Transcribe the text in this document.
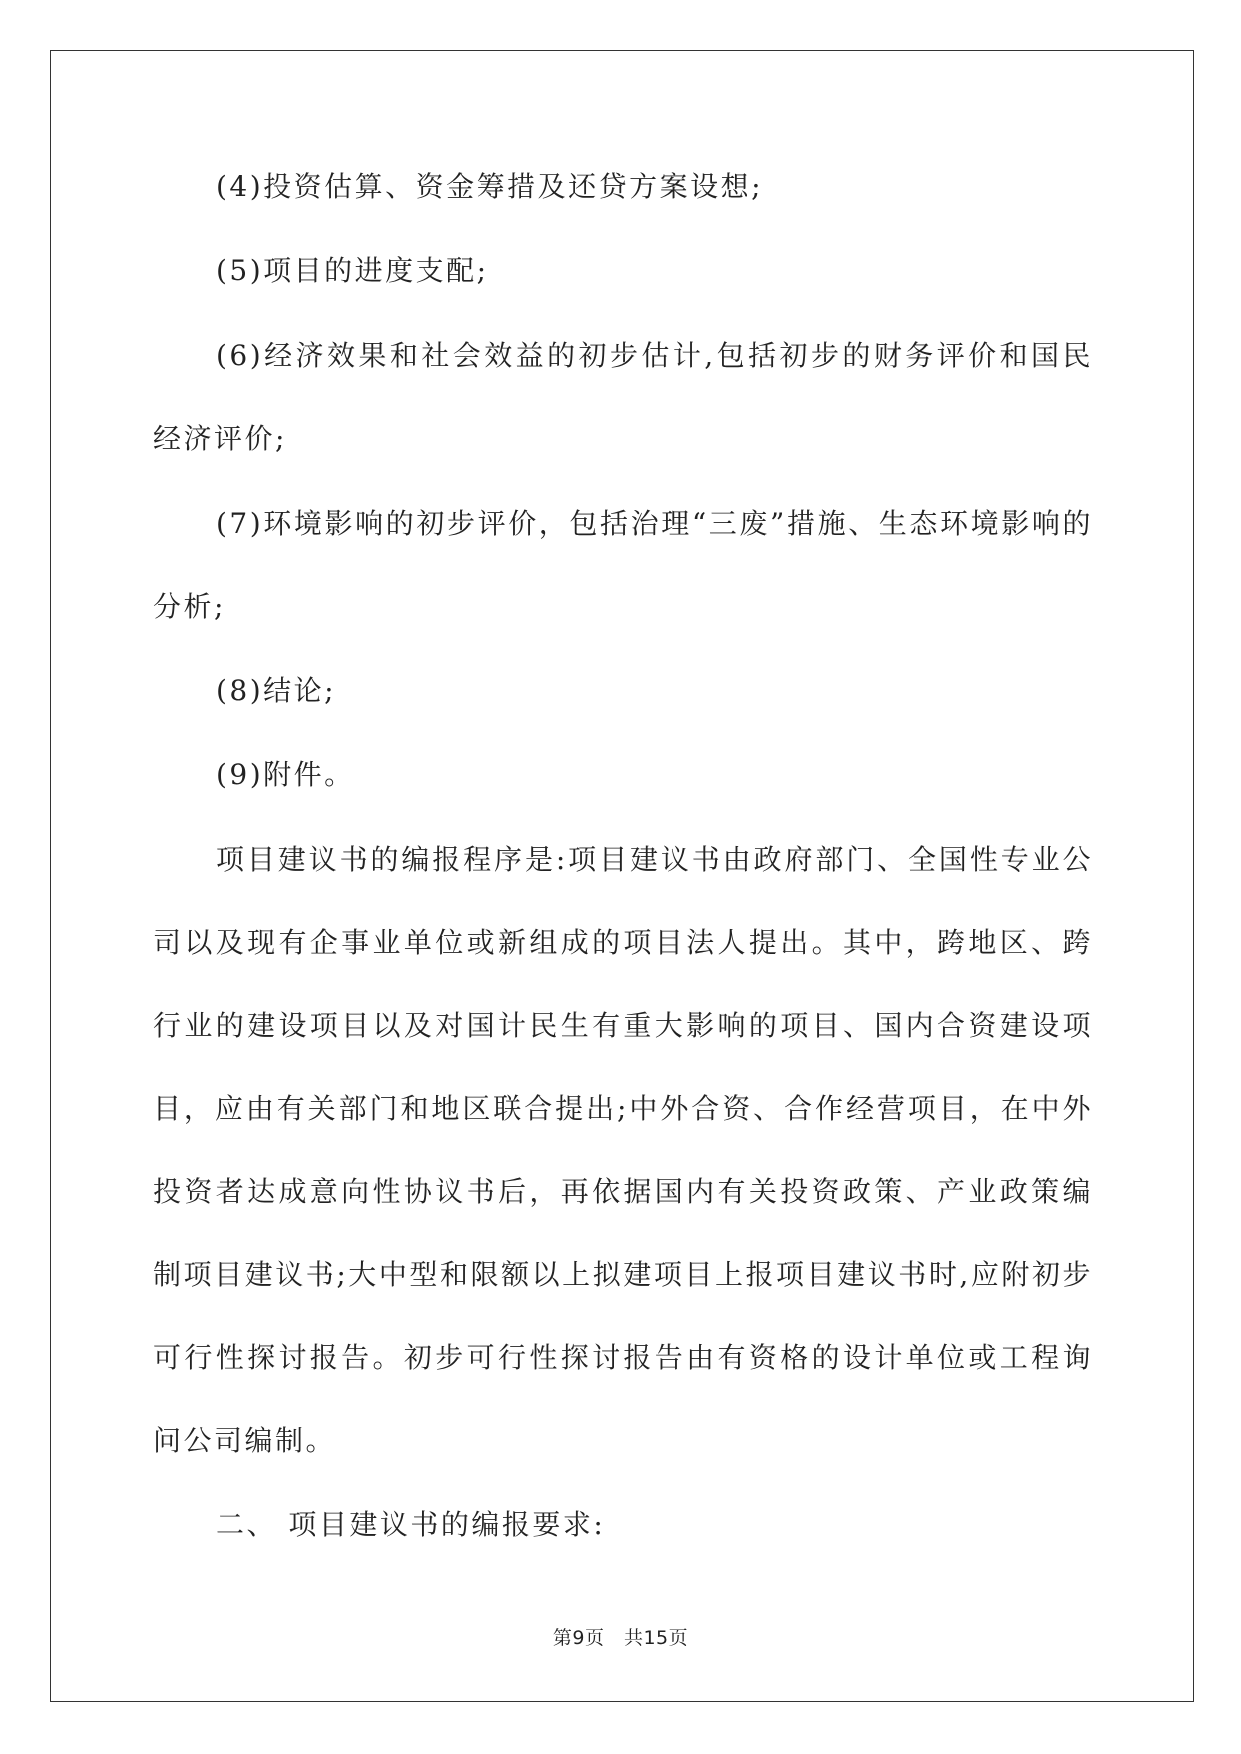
(4)投资估算、资金筹措及还贷方案设想;

(5)项目的进度支配;

(6)经济效果和社会效益的初步估计,包括初步的财务评价和国民经济评价;

(7)环境影响的初步评价，包括治理“三废”措施、生态环境影响的分析;

(8)结论;

(9)附件。

项目建议书的编报程序是:项目建议书由政府部门、全国性专业公司以及现有企事业单位或新组成的项目法人提出。其中，跨地区、跨行业的建设项目以及对国计民生有重大影响的项目、国内合资建设项目，应由有关部门和地区联合提出;中外合资、合作经营项目，在中外投资者达成意向性协议书后，再依据国内有关投资政策、产业政策编制项目建议书;大中型和限额以上拟建项目上报项目建议书时,应附初步可行性探讨报告。初步可行性探讨报告由有资格的设计单位或工程询问公司编制。

二、 项目建议书的编报要求:

第9页　共15页
